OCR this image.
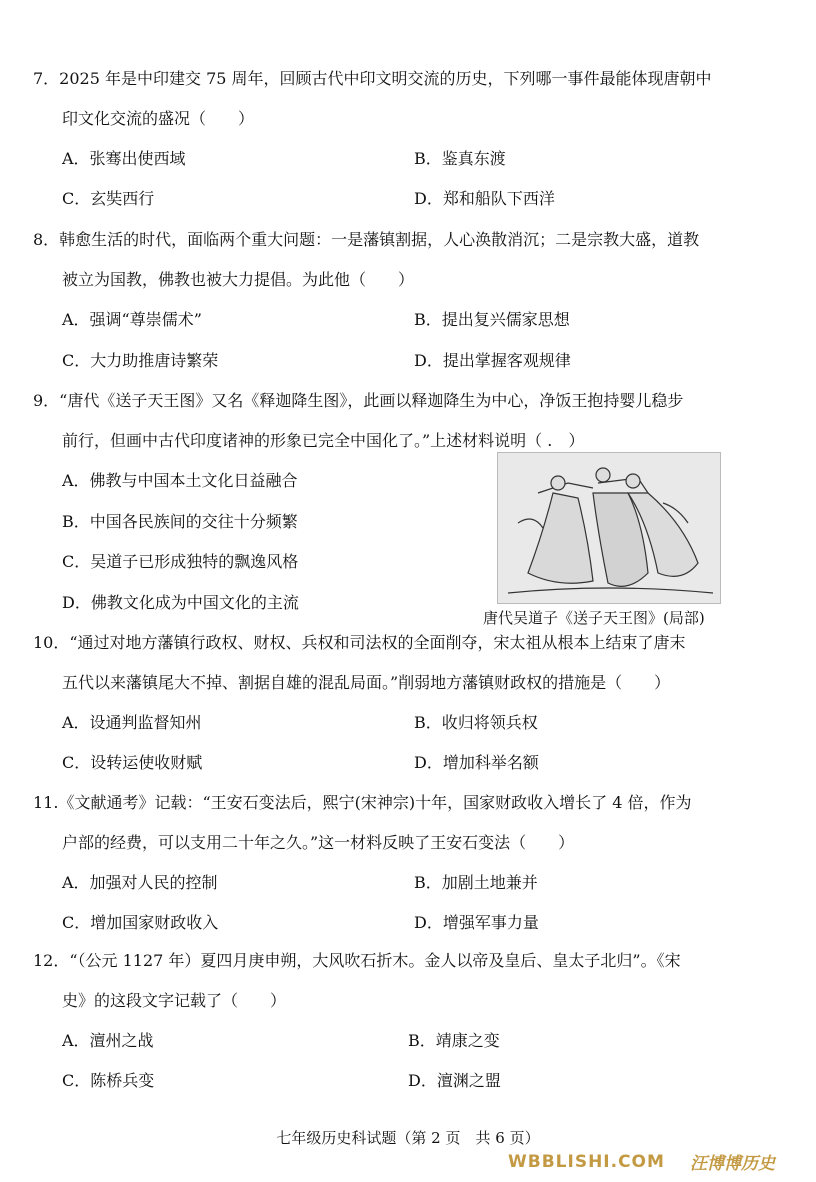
7．2025 年是中印建交 75 周年，回顾古代中印文明交流的历史，下列哪一事件最能体现唐朝中
印文化交流的盛况（　　）
A．张骞出使西域	B．鉴真东渡
C．玄奘西行	D．郑和船队下西洋
8．韩愈生活的时代，面临两个重大问题：一是藩镇割据，人心涣散消沉；二是宗教大盛，道教
被立为国教，佛教也被大力提倡。为此他（　　）
A．强调“尊崇儒术”	B．提出复兴儒家思想
C．大力助推唐诗繁荣	D．提出掌握客观规律
9．“唐代《送子天王图》又名《释迦降生图》，此画以释迦降生为中心，净饭王抱持婴儿稳步
前行，但画中古代印度诸神的形象已完全中国化了。”上述材料说明（ .　）
A．佛教与中国本土文化日益融合
B．中国各民族间的交往十分频繁
C．吴道子已形成独特的飘逸风格
D．佛教文化成为中国文化的主流
唐代吴道子《送子天王图》(局部)
10．“通过对地方藩镇行政权、财权、兵权和司法权的全面削夺，宋太祖从根本上结束了唐末
五代以来藩镇尾大不掉、割据自雄的混乱局面。”削弱地方藩镇财政权的措施是（　　）
A．设通判监督知州	B．收归将领兵权
C．设转运使收财赋	D．增加科举名额
11.《文献通考》记载：“王安石变法后，熙宁(宋神宗)十年，国家财政收入增长了 4 倍，作为
户部的经费，可以支用二十年之久。”这一材料反映了王安石变法（　　）
A．加强对人民的控制	B．加剧土地兼并
C．增加国家财政收入	D．增强军事力量
12．“（公元 1127 年）夏四月庚申朔，大风吹石折木。金人以帝及皇后、皇太子北归”。《宋
史》的这段文字记载了（　　）
A．澶州之战	B．靖康之变
C．陈桥兵变	D．澶渊之盟
七年级历史科试题（第 2 页　共 6 页）
WBBLISHI.COM 汪博博历史
